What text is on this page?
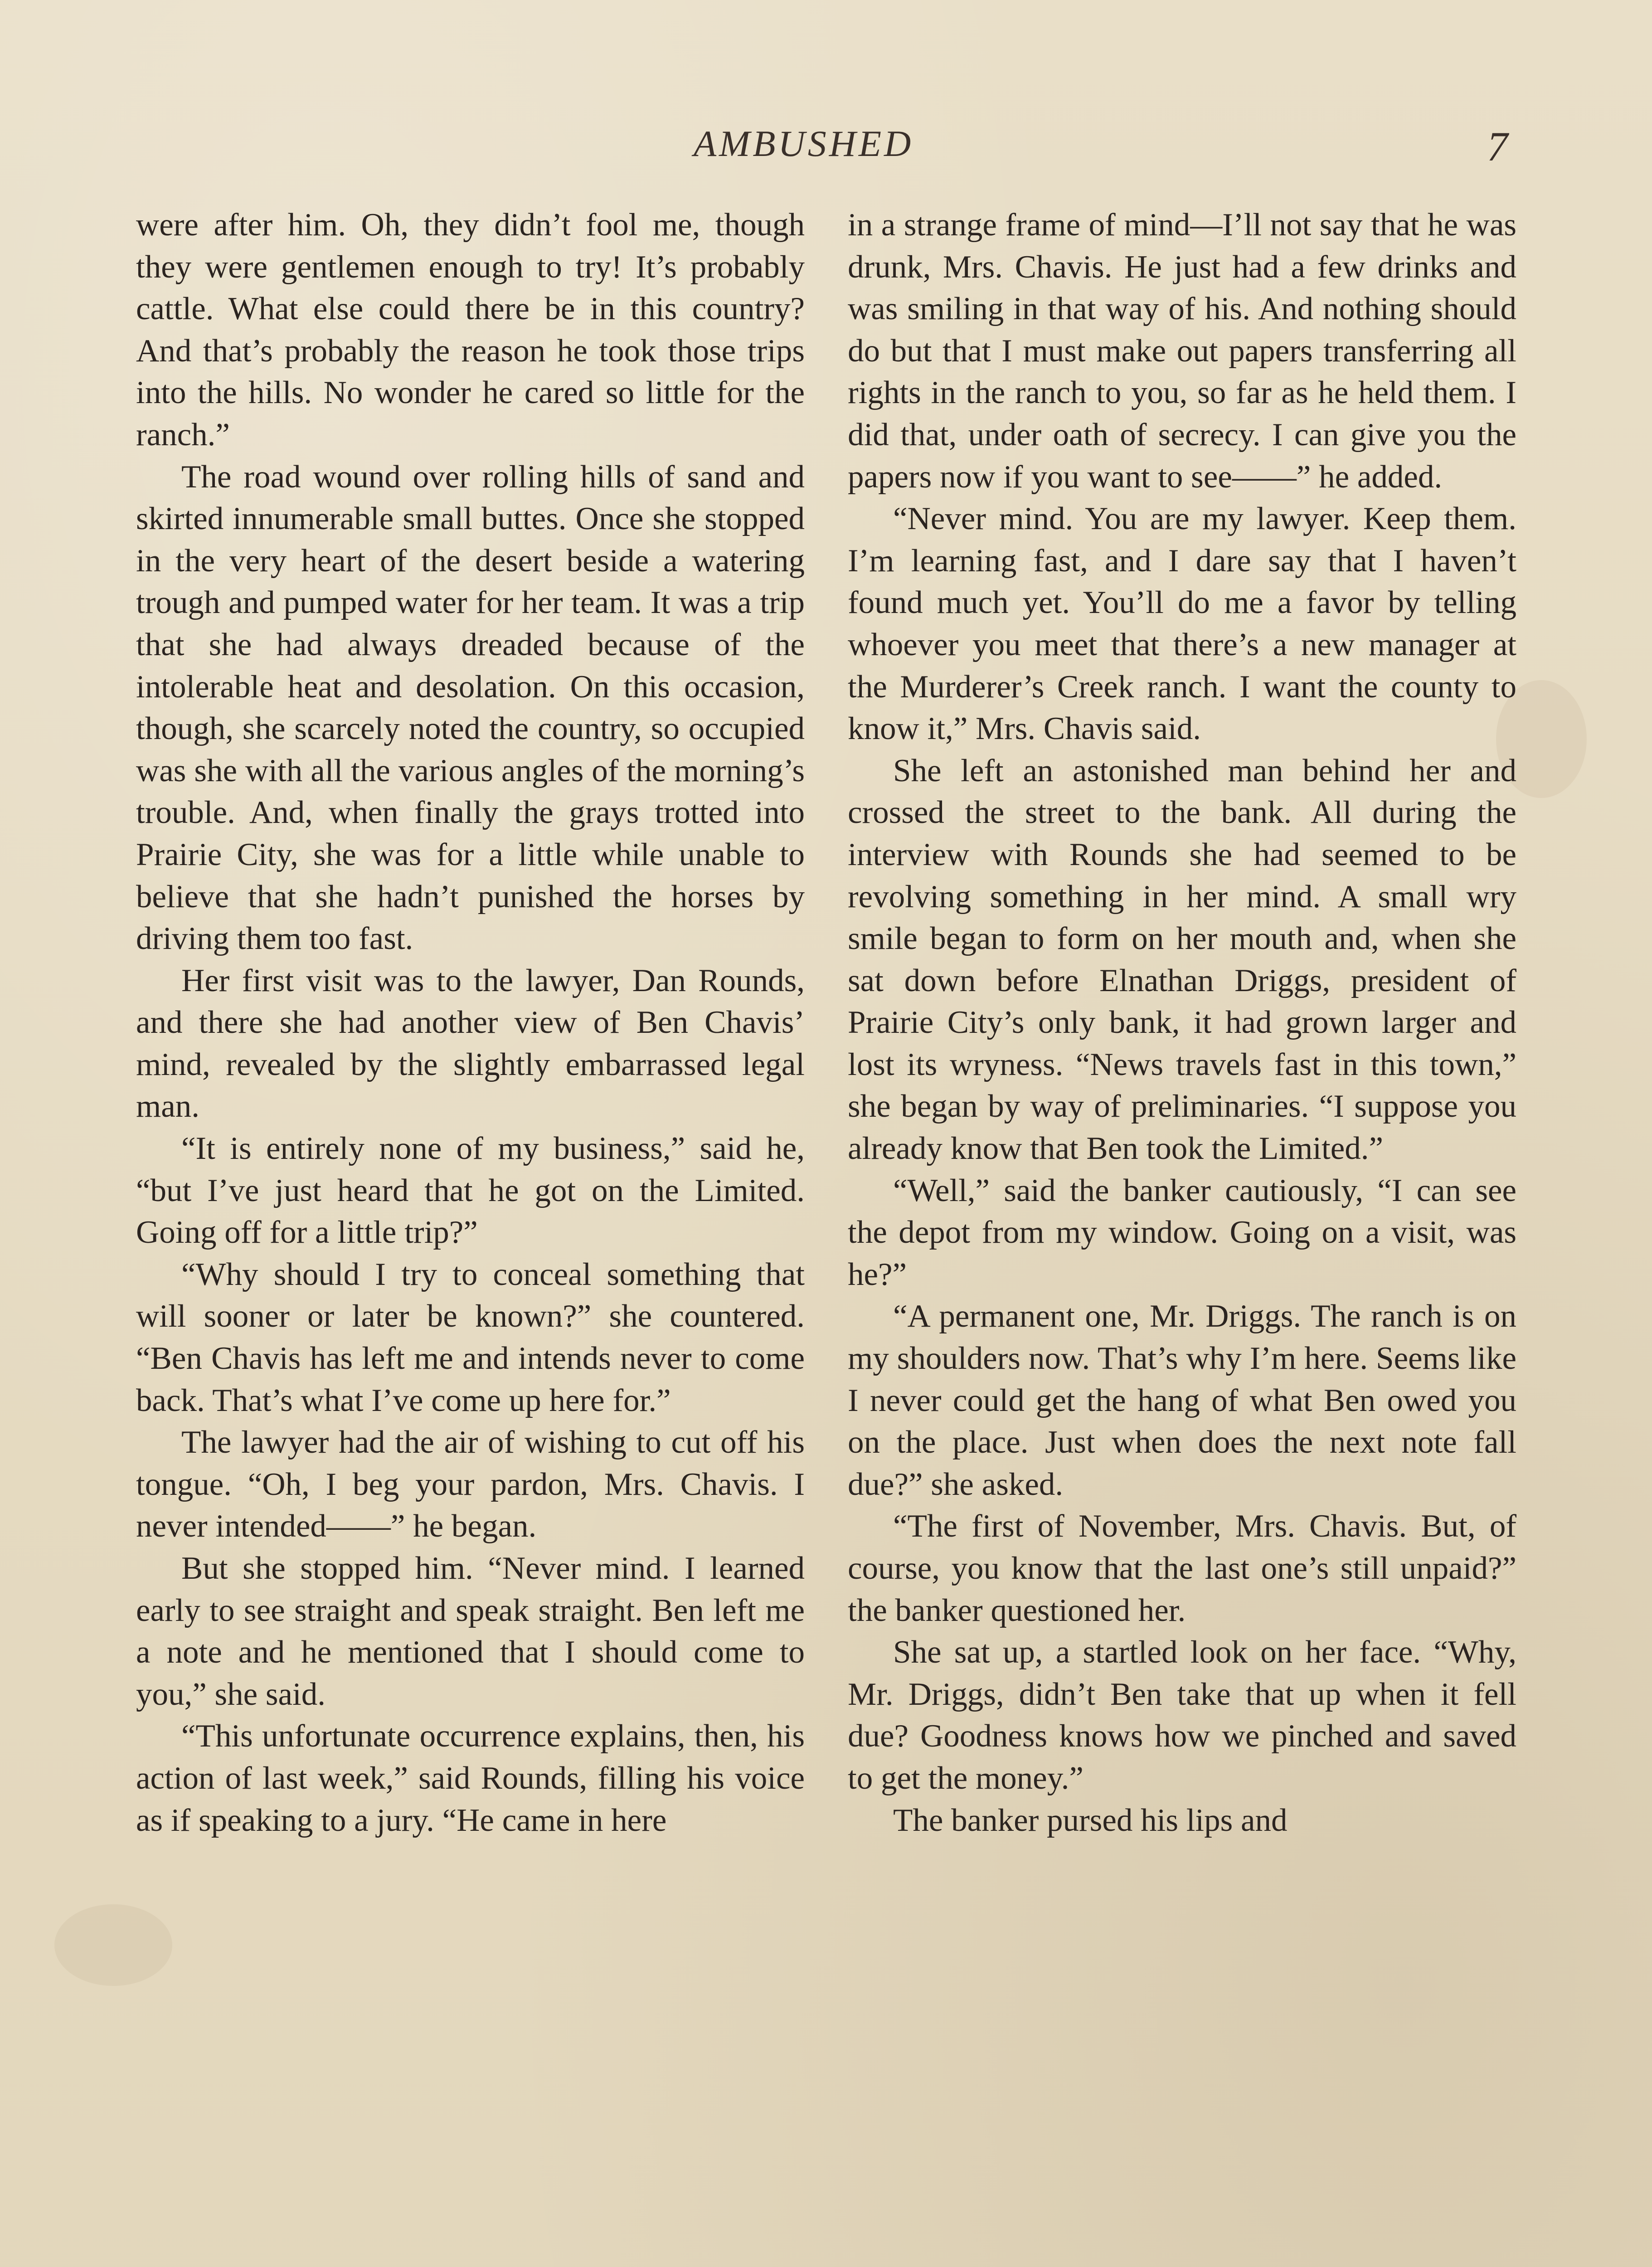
AMBUSHED	7

were after him. Oh, they didn’t fool me, though they were gentlemen enough to try! It’s probably cattle. What else could there be in this country? And that’s probably the reason he took those trips into the hills. No wonder he cared so little for the ranch.”

The road wound over rolling hills of sand and skirted innumerable small buttes. Once she stopped in the very heart of the desert beside a watering trough and pumped water for her team. It was a trip that she had always dreaded because of the intolerable heat and desolation. On this occasion, though, she scarcely noted the country, so occupied was she with all the various angles of the morning’s trouble. And, when finally the grays trotted into Prairie City, she was for a little while unable to believe that she hadn’t punished the horses by driving them too fast.

Her first visit was to the lawyer, Dan Rounds, and there she had another view of Ben Chavis’ mind, revealed by the slightly embarrassed legal man.

“It is entirely none of my business,” said he, “but I’ve just heard that he got on the Limited. Going off for a little trip?”

“Why should I try to conceal something that will sooner or later be known?” she countered. “Ben Chavis has left me and intends never to come back. That’s what I’ve come up here for.”

The lawyer had the air of wishing to cut off his tongue. “Oh, I beg your pardon, Mrs. Chavis. I never intended——” he began.

But she stopped him. “Never mind. I learned early to see straight and speak straight. Ben left me a note and he mentioned that I should come to you,” she said.

“This unfortunate occurrence explains, then, his action of last week,” said Rounds, filling his voice as if speaking to a jury. “He came in here

in a strange frame of mind—I’ll not say that he was drunk, Mrs. Chavis. He just had a few drinks and was smiling in that way of his. And nothing should do but that I must make out papers transferring all rights in the ranch to you, so far as he held them. I did that, under oath of secrecy. I can give you the papers now if you want to see——” he added.

“Never mind. You are my lawyer. Keep them. I’m learning fast, and I dare say that I haven’t found much yet. You’ll do me a favor by telling whoever you meet that there’s a new manager at the Murderer’s Creek ranch. I want the county to know it,” Mrs. Chavis said.

She left an astonished man behind her and crossed the street to the bank. All during the interview with Rounds she had seemed to be revolving something in her mind. A small wry smile began to form on her mouth and, when she sat down before Elnathan Driggs, president of Prairie City’s only bank, it had grown larger and lost its wryness. “News travels fast in this town,” she began by way of preliminaries. “I suppose you already know that Ben took the Limited.”

“Well,” said the banker cautiously, “I can see the depot from my window. Going on a visit, was he?”

“A permanent one, Mr. Driggs. The ranch is on my shoulders now. That’s why I’m here. Seems like I never could get the hang of what Ben owed you on the place. Just when does the next note fall due?” she asked.

“The first of November, Mrs. Chavis. But, of course, you know that the last one’s still unpaid?” the banker questioned her.

She sat up, a startled look on her face. “Why, Mr. Driggs, didn’t Ben take that up when it fell due? Goodness knows how we pinched and saved to get the money.”

The banker pursed his lips and
